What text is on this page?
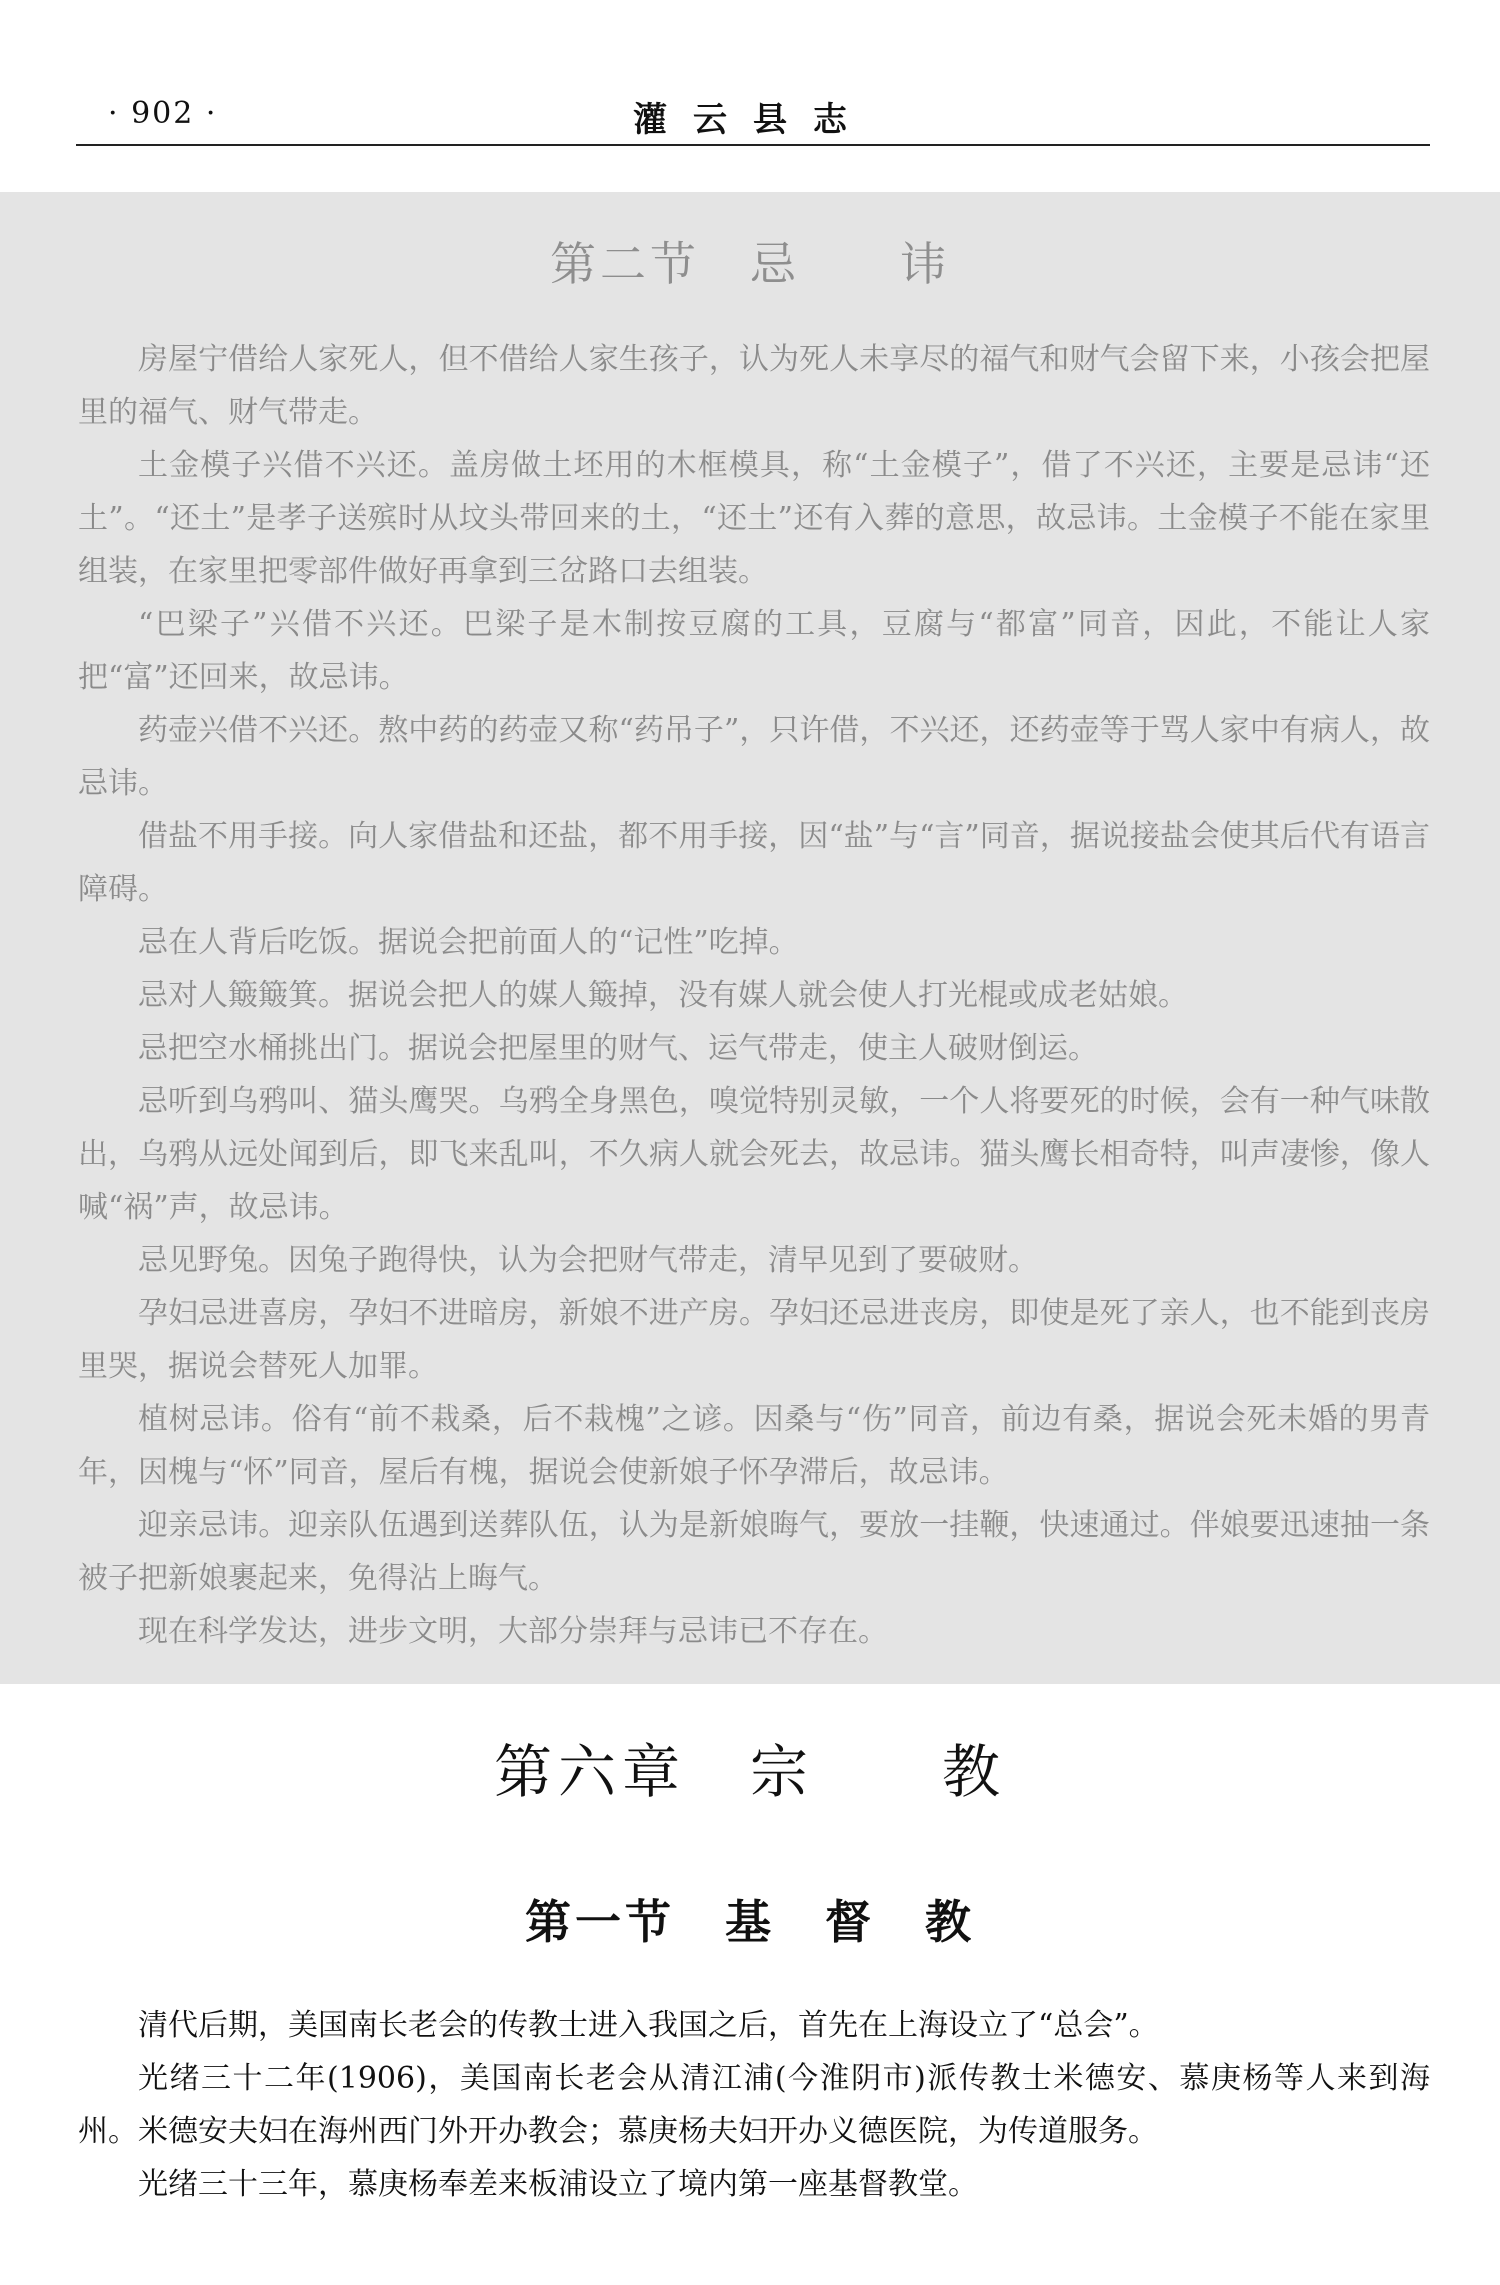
· 902 ·	灌云县志
第二节　忌　　讳

房屋宁借给人家死人，但不借给人家生孩子，认为死人未享尽的福气和财气会留下来，小孩会把屋里的福气、财气带走。

土金模子兴借不兴还。盖房做土坯用的木框模具，称“土金模子”，借了不兴还，主要是忌讳“还土”。“还土”是孝子送殡时从坟头带回来的土，“还土”还有入葬的意思，故忌讳。土金模子不能在家里组装，在家里把零部件做好再拿到三岔路口去组装。

“巴梁子”兴借不兴还。巴梁子是木制按豆腐的工具，豆腐与“都富”同音，因此，不能让人家把“富”还回来，故忌讳。

药壶兴借不兴还。熬中药的药壶又称“药吊子”，只许借，不兴还，还药壶等于骂人家中有病人，故忌讳。

借盐不用手接。向人家借盐和还盐，都不用手接，因“盐”与“言”同音，据说接盐会使其后代有语言障碍。

忌在人背后吃饭。据说会把前面人的“记性”吃掉。

忌对人簸簸箕。据说会把人的媒人簸掉，没有媒人就会使人打光棍或成老姑娘。

忌把空水桶挑出门。据说会把屋里的财气、运气带走，使主人破财倒运。

忌听到乌鸦叫、猫头鹰哭。乌鸦全身黑色，嗅觉特别灵敏，一个人将要死的时候，会有一种气味散出，乌鸦从远处闻到后，即飞来乱叫，不久病人就会死去，故忌讳。猫头鹰长相奇特，叫声凄惨，像人喊“祸”声，故忌讳。

忌见野兔。因兔子跑得快，认为会把财气带走，清早见到了要破财。

孕妇忌进喜房，孕妇不进暗房，新娘不进产房。孕妇还忌进丧房，即使是死了亲人，也不能到丧房里哭，据说会替死人加罪。

植树忌讳。俗有“前不栽桑，后不栽槐”之谚。因桑与“伤”同音，前边有桑，据说会死未婚的男青年，因槐与“怀”同音，屋后有槐，据说会使新娘子怀孕滞后，故忌讳。

迎亲忌讳。迎亲队伍遇到送葬队伍，认为是新娘晦气，要放一挂鞭，快速通过。伴娘要迅速抽一条被子把新娘裹起来，免得沾上晦气。

现在科学发达，进步文明，大部分崇拜与忌讳已不存在。

第六章　宗　　教
第一节　基　督　教

清代后期，美国南长老会的传教士进入我国之后，首先在上海设立了“总会”。

光绪三十二年(1906)，美国南长老会从清江浦(今淮阴市)派传教士米德安、慕庚杨等人来到海州。米德安夫妇在海州西门外开办教会；慕庚杨夫妇开办义德医院，为传道服务。

光绪三十三年，慕庚杨奉差来板浦设立了境内第一座基督教堂。
